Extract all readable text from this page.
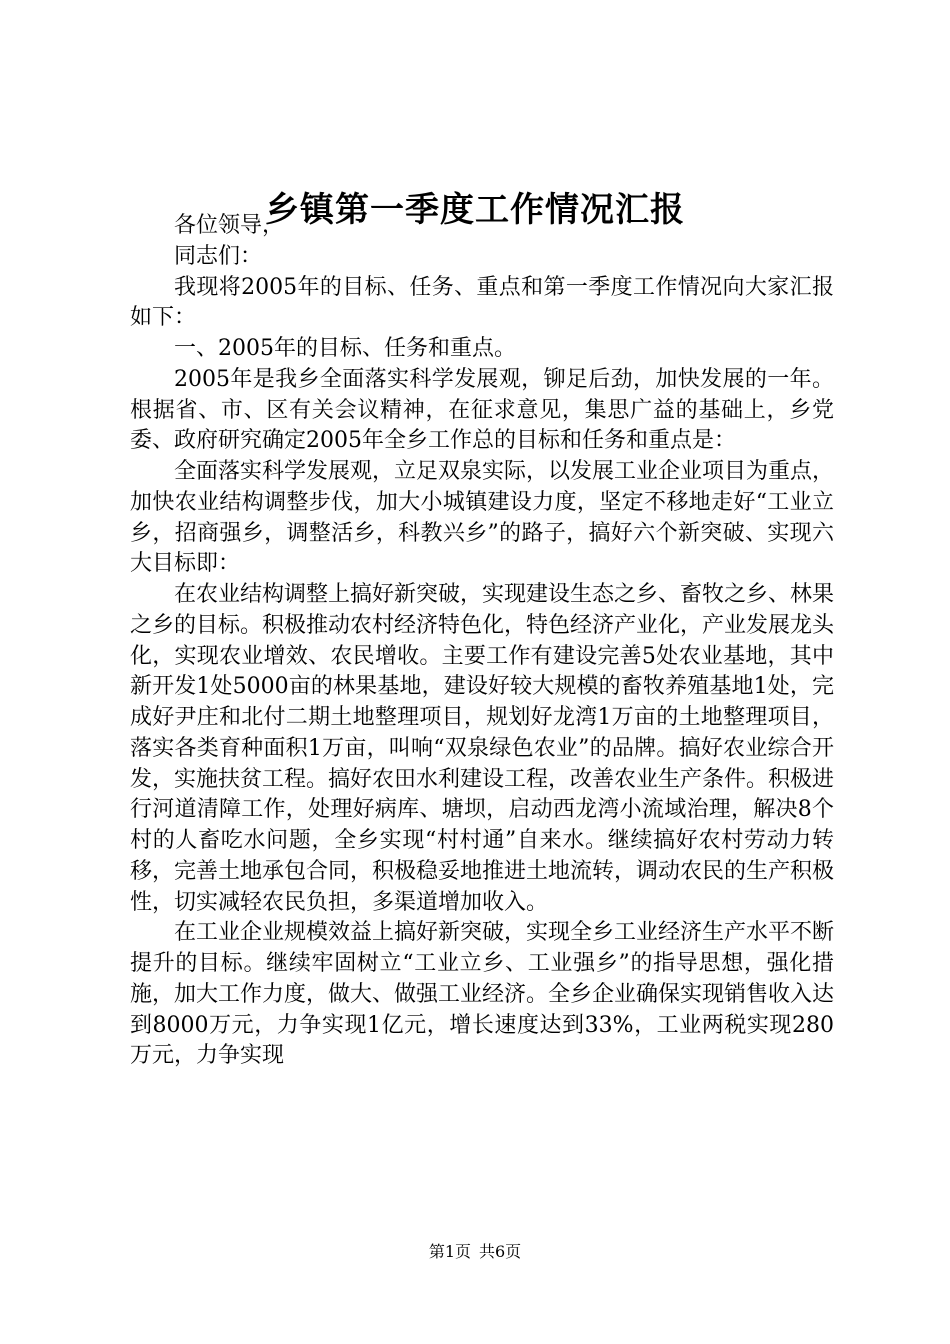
乡镇第一季度工作情况汇报

各位领导，

同志们：

我现将2005年的目标、任务、重点和第一季度工作情况向大家汇报如下：

一、2005年的目标、任务和重点。

2005年是我乡全面落实科学发展观，铆足后劲，加快发展的一年。根据省、市、区有关会议精神，在征求意见，集思广益的基础上，乡党委、政府研究确定2005年全乡工作总的目标和任务和重点是：

全面落实科学发展观，立足双泉实际，以发展工业企业项目为重点，加快农业结构调整步伐，加大小城镇建设力度，坚定不移地走好“工业立乡，招商强乡，调整活乡，科教兴乡”的路子，搞好六个新突破、实现六大目标即：

在农业结构调整上搞好新突破，实现建设生态之乡、畜牧之乡、林果之乡的目标。积极推动农村经济特色化，特色经济产业化，产业发展龙头化，实现农业增效、农民增收。主要工作有建设完善5处农业基地，其中新开发1处5000亩的林果基地，建设好较大规模的畜牧养殖基地1处，完成好尹庄和北付二期土地整理项目，规划好龙湾1万亩的土地整理项目，落实各类育种面积1万亩，叫响“双泉绿色农业”的品牌。搞好农业综合开发，实施扶贫工程。搞好农田水利建设工程，改善农业生产条件。积极进行河道清障工作，处理好病库、塘坝，启动西龙湾小流域治理，解决8个村的人畜吃水问题，全乡实现“村村通”自来水。继续搞好农村劳动力转移，完善土地承包合同，积极稳妥地推进土地流转，调动农民的生产积极性，切实减轻农民负担，多渠道增加收入。

在工业企业规模效益上搞好新突破，实现全乡工业经济生产水平不断提升的目标。继续牢固树立“工业立乡、工业强乡”的指导思想，强化措施，加大工作力度，做大、做强工业经济。全乡企业确保实现销售收入达到8000万元，力争实现1亿元，增长速度达到33%，工业两税实现280万元，力争实现

第1页 共6页
